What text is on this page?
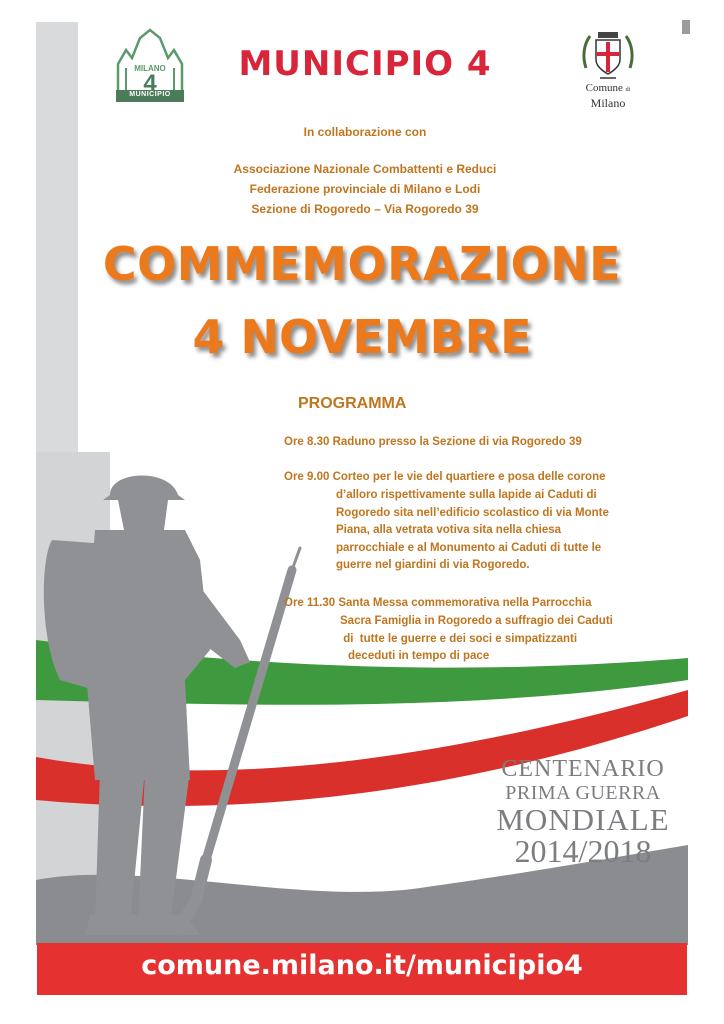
MILANO
4
MUNICIPIO
MUNICIPIO 4
Comune di
Milano
In collaborazione con
Associazione Nazionale Combattenti e Reduci
Federazione provinciale di Milano e Lodi
Sezione di Rogoredo – Via Rogoredo 39
COMMEMORAZIONE
4 NOVEMBRE
PROGRAMMA
Ore 8.30 Raduno presso la Sezione di via Rogoredo 39
Ore 9.00 Corteo per le vie del quartiere e posa delle corone
d’alloro rispettivamente sulla lapide ai Caduti di
Rogoredo sita nell’edificio scolastico di via Monte
Piana, alla vetrata votiva sita nella chiesa
parrocchiale e al Monumento ai Caduti di tutte le
guerre nel giardini di via Rogoredo.
Ore 11.30 Santa Messa commemorativa nella Parrocchia
Sacra Famiglia in Rogoredo a suffragio dei Caduti
di  tutte le guerre e dei soci e simpatizzanti
deceduti in tempo di pace
CENTENARIO
PRIMA GUERRA
MONDIALE
2014/2018
comune.milano.it/municipio4
